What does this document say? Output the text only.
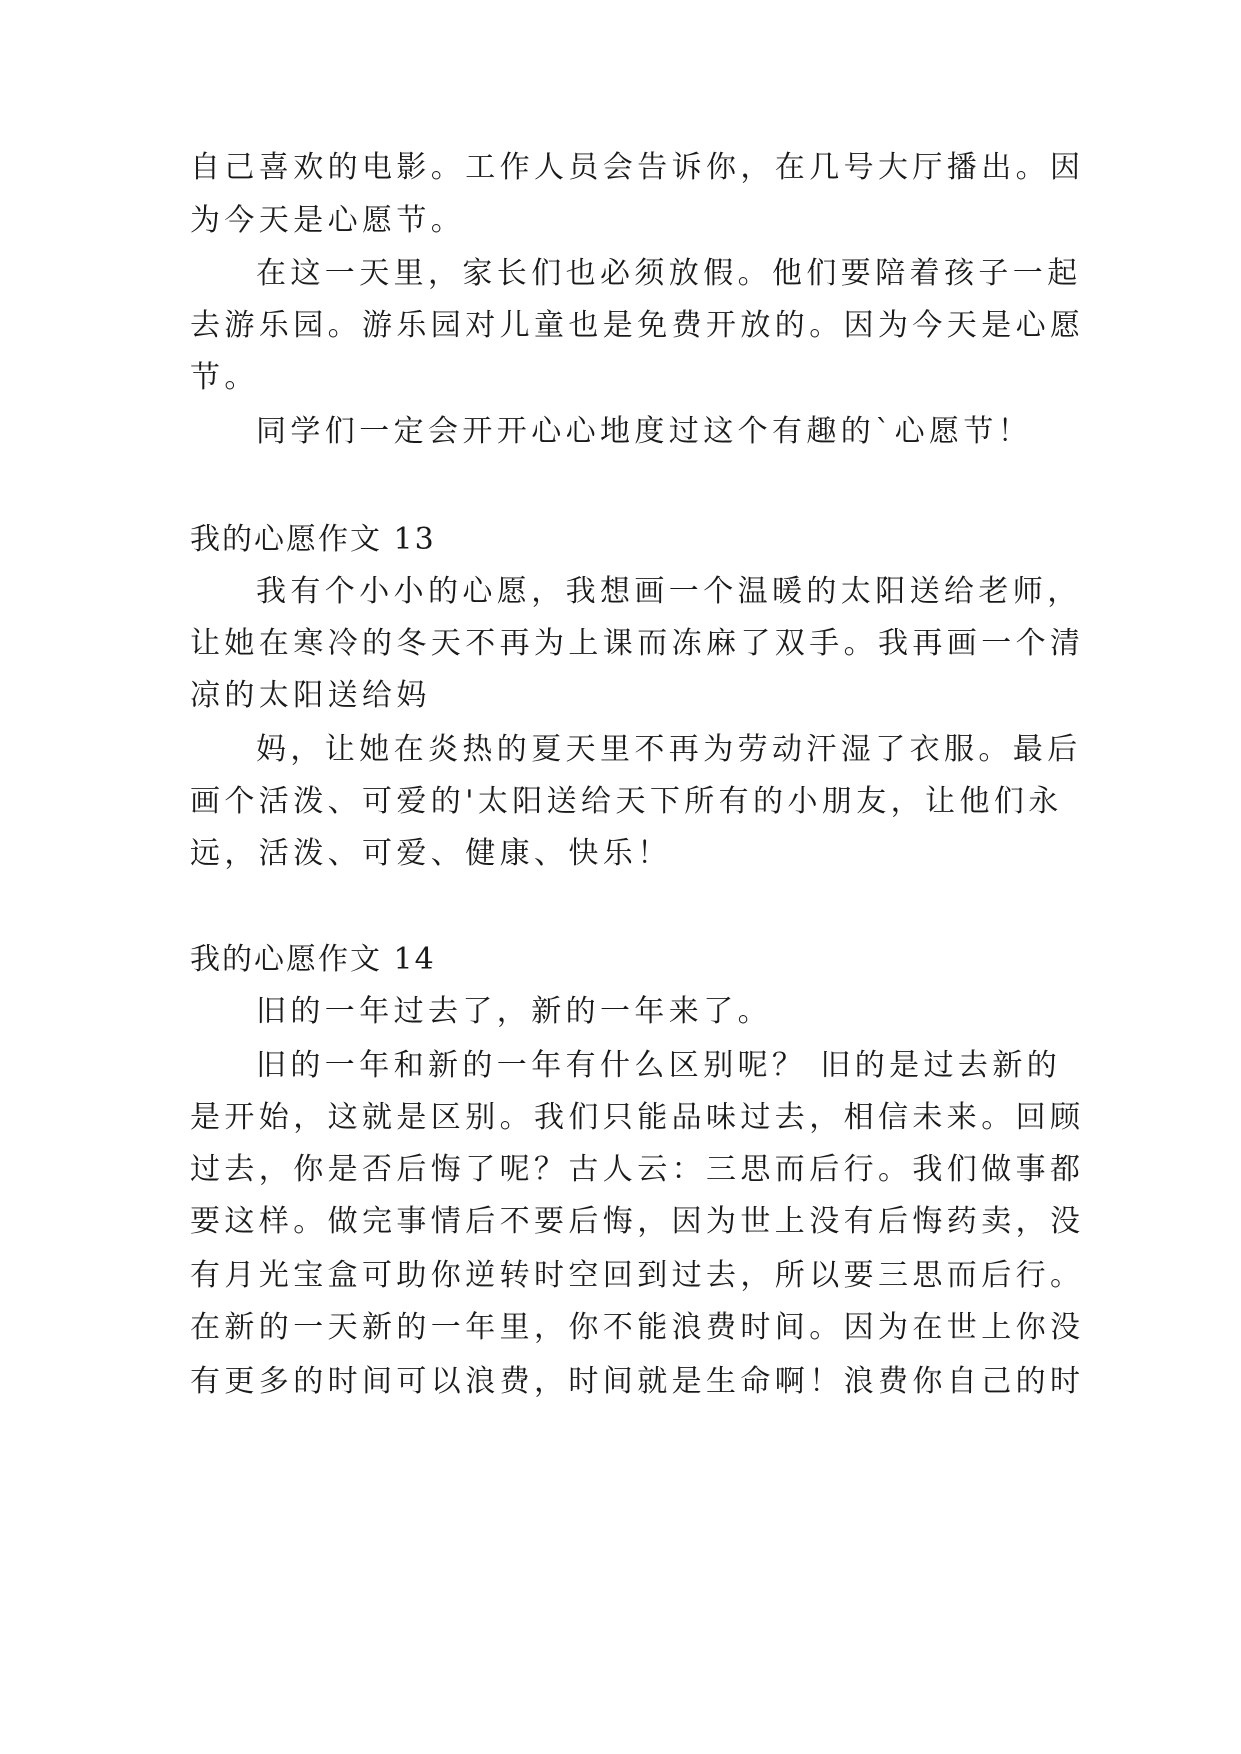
自己喜欢的电影。工作人员会告诉你，在几号大厅播出。因
为今天是心愿节。
在这一天里，家长们也必须放假。他们要陪着孩子一起
去游乐园。游乐园对儿童也是免费开放的。因为今天是心愿
节。
同学们一定会开开心心地度过这个有趣的`心愿节！
我的心愿作文 13
我有个小小的心愿，我想画一个温暖的太阳送给老师，
让她在寒冷的冬天不再为上课而冻麻了双手。我再画一个清
凉的太阳送给妈
妈，让她在炎热的夏天里不再为劳动汗湿了衣服。最后
画个活泼、可爱的'太阳送给天下所有的小朋友，让他们永
远，活泼、可爱、健康、快乐！
我的心愿作文 14
旧的一年过去了，新的一年来了。
旧的一年和新的一年有什么区别呢？ 旧的是过去新的
是开始，这就是区别。我们只能品味过去，相信未来。回顾
过去，你是否后悔了呢？古人云：三思而后行。我们做事都
要这样。做完事情后不要后悔，因为世上没有后悔药卖，没
有月光宝盒可助你逆转时空回到过去，所以要三思而后行。
在新的一天新的一年里，你不能浪费时间。因为在世上你没
有更多的时间可以浪费，时间就是生命啊！浪费你自己的时
